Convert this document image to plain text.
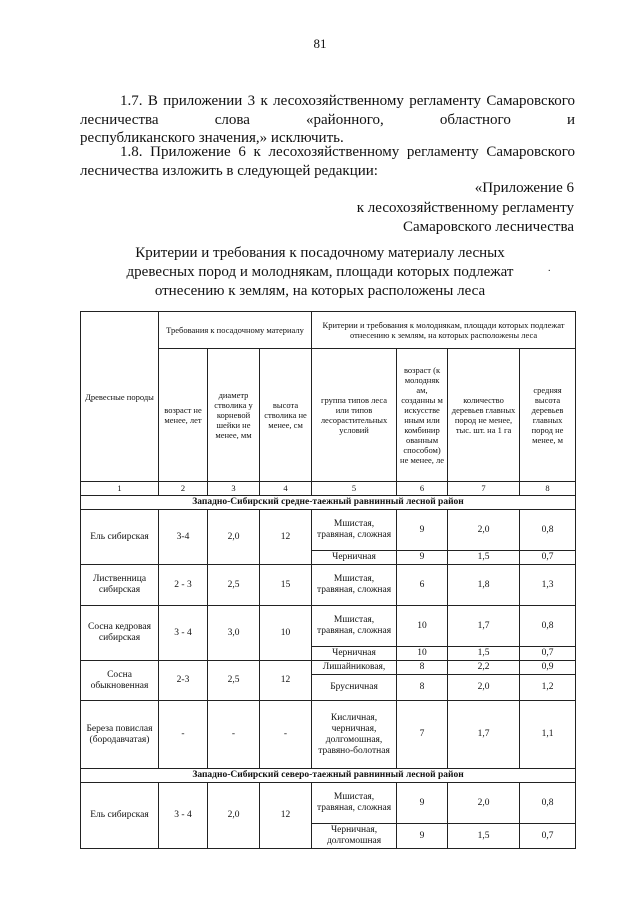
81
1.7. В приложении 3 к лесохозяйственному регламенту Самаровского лесничества слова «районного, областного и
республиканского значения,» исключить.
1.8. Приложение 6 к лесохозяйственному регламенту Самаровского лесничества изложить в следующей редакции:
«Приложение 6
к лесохозяйственному регламенту
Самаровского лесничества
Критерии и требования к посадочному материалу лесных
древесных пород и молоднякам, площади которых подлежат
отнесению к землям, на которых расположены леса
.
Древесные породы	Требования к посадочному материалу			Критерии и требования к молоднякам, площади которых подлежат отнесению к землям, на которых расположены леса			
	возраст не менее, лет	диаметр стволика у корневой шейки не менее, мм	высота стволика не менее, см	группа типов леса или типов лесорастительных условий	возраст (к молодняк ам, созданны м искусстве нным или комбинир ованным способом) не менее, ле	количество деревьев главных пород не менее, тыс. шт. на 1 га	средняя высота деревьев главных пород не менее, м
1	2	3	4	5	6	7	8
Западно-Сибирский средне-таежный равнинный лесной район							
Ель сибирская	3-4	2,0	12	Мшистая, травяная, сложная	9	2,0	0,8
				Черничная	9	1,5	0,7
Лиственница сибирская	2 - 3	2,5	15	Мшистая, травяная, сложная	6	1,8	1,3
Сосна кедровая сибирская	3 - 4	3,0	10	Мшистая, травяная, сложная	10	1,7	0,8
				Черничная	10	1,5	0,7
Сосна обыкновенная	2-3	2,5	12	Лишайниковая,	8	2,2	0,9
				Брусничная	8	2,0	1,2
Береза повислая (бородавчатая)	-	-	-	Кисличная, черничная, долгомошная, травяно-болотная	7	1,7	1,1
Западно-Сибирский северо-таежный равнинный лесной район							
Ель сибирская	3 - 4	2,0	12	Мшистая, травяная, сложная	9	2,0	0,8
				Черничная, долгомошная	9	1,5	0,7
